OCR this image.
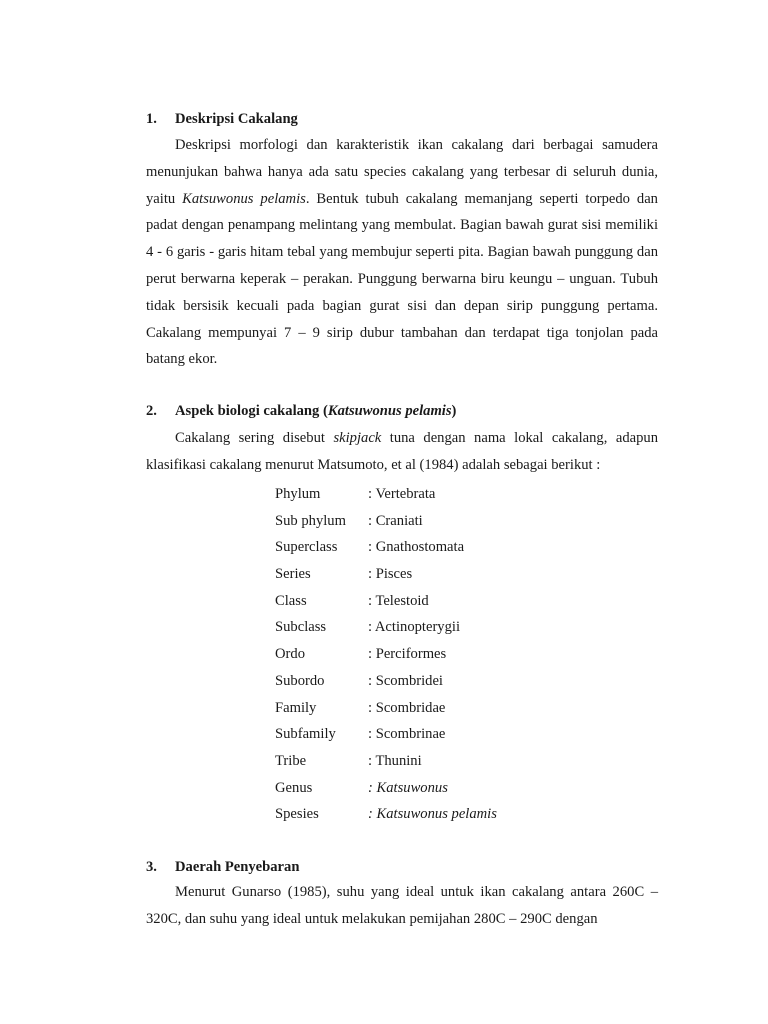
1. Deskripsi Cakalang

Deskripsi morfologi dan karakteristik ikan cakalang dari berbagai samudera menunjukan bahwa hanya ada satu species cakalang yang terbesar di seluruh dunia, yaitu Katsuwonus pelamis. Bentuk tubuh cakalang memanjang seperti torpedo dan padat dengan penampang melintang yang membulat. Bagian bawah gurat sisi memiliki 4 - 6 garis - garis hitam tebal yang membujur seperti pita. Bagian bawah punggung dan perut berwarna keperak – perakan. Punggung berwarna biru keungu – unguan. Tubuh tidak bersisik kecuali pada bagian gurat sisi dan depan sirip punggung pertama. Cakalang mempunyai 7 – 9 sirip dubur tambahan dan terdapat tiga tonjolan pada batang ekor.

2. Aspek biologi cakalang (Katsuwonus pelamis)

Cakalang sering disebut skipjack tuna dengan nama lokal cakalang, adapun klasifikasi cakalang menurut Matsumoto, et al (1984) adalah sebagai berikut :

Phylum	: Vertebrata
Sub phylum : Craniati
Superclass : Gnathostomata
Series	: Pisces
Class	: Telestoid
Subclass	: Actinopterygii
Ordo	: Perciformes
Subordo	: Scombridei
Family	: Scombridae
Subfamily : Scombrinae
Tribe	: Thunini
Genus	: Katsuwonus
Spesies	: Katsuwonus pelamis
3. Daerah Penyebaran

Menurut Gunarso (1985), suhu yang ideal untuk ikan cakalang antara 260C – 320C, dan suhu yang ideal untuk melakukan pemijahan 280C – 290C dengan
